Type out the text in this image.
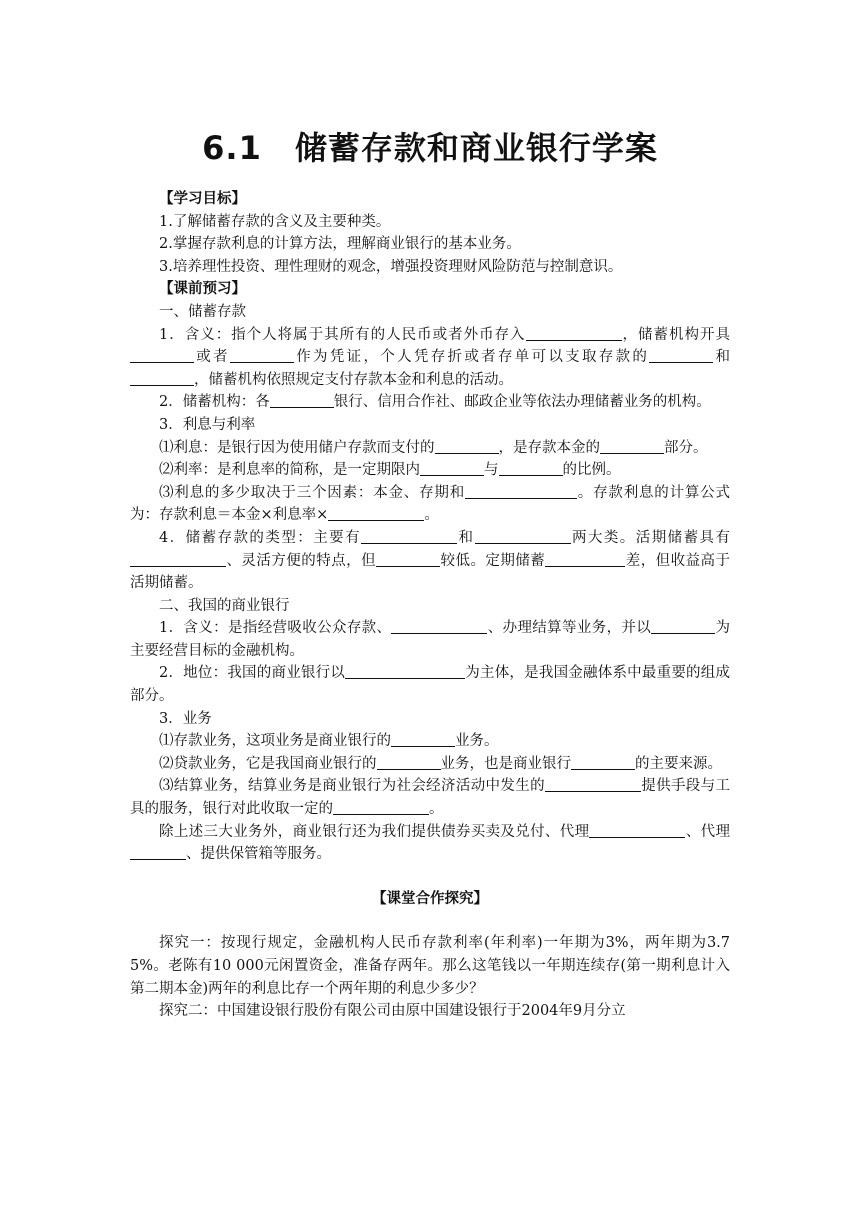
6.1　储蓄存款和商业银行学案

【学习目标】

1.了解储蓄存款的含义及主要种类。

2.掌握存款利息的计算方法，理解商业银行的基本业务。

3.培养理性投资、理性理财的观念，增强投资理财风险防范与控制意识。

【课前预习】

一、储蓄存款

1．含义：指个人将属于其所有的人民币或者外币存入	，储蓄机构开具或者	作为凭证，个人凭存折或者存单可以支取存款的	和，储蓄机构依照规定支付存款本金和利息的活动。

2．储蓄机构：各	银行、信用合作社、邮政企业等依法办理储蓄业务的机构。

3．利息与利率

⑴利息：是银行因为使用储户存款而支付的	，是存款本金的	部分。

⑵利率：是利息率的简称，是一定期限内	与	的比例。

⑶利息的多少取决于三个因素：本金、存期和	。存款利息的计算公式为：存款利息＝本金×利息率×	。

4．储蓄存款的类型：主要有	和	两大类。活期储蓄具有、灵活方便的特点，但	较低。定期储蓄	差，但收益高于活期储蓄。

二、我国的商业银行

1．含义：是指经营吸收公众存款、	、办理结算等业务，并以	为主要经营目标的金融机构。

2．地位：我国的商业银行以	为主体，是我国金融体系中最重要的组成部分。

3．业务

⑴存款业务，这项业务是商业银行的	业务。

⑵贷款业务，它是我国商业银行的	业务，也是商业银行	的主要来源。

⑶结算业务，结算业务是商业银行为社会经济活动中发生的	提供手段与工具的服务，银行对此收取一定的	。

除上述三大业务外，商业银行还为我们提供债券买卖及兑付、代理	、代理、提供保管箱等服务。

【课堂合作探究】

探究一：按现行规定，金融机构人民币存款利率(年利率)一年期为3%，两年期为3.75%。老陈有10 000元闲置资金，准备存两年。那么这笔钱以一年期连续存(第一期利息计入第二期本金)两年的利息比存一个两年期的利息少多少？

探究二：中国建设银行股份有限公司由原中国建设银行于2004年9月分立
